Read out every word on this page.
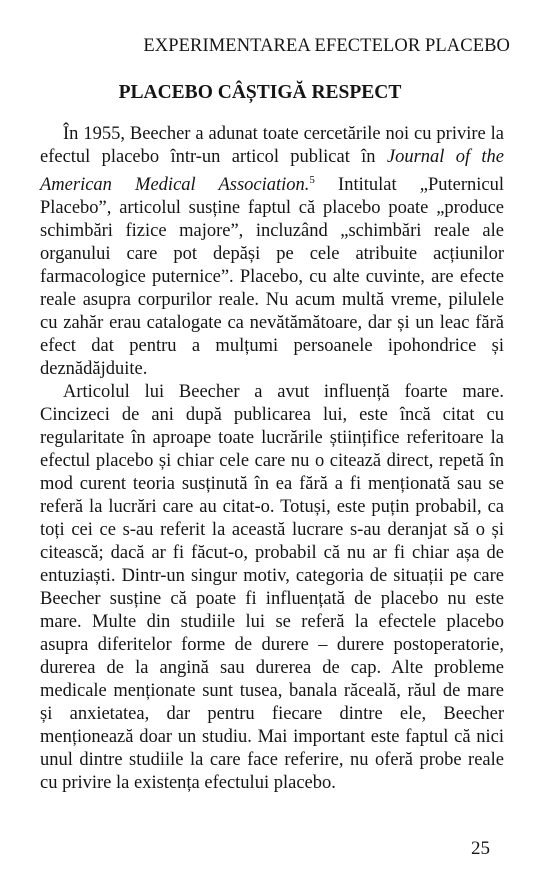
EXPERIMENTAREA EFECTELOR PLACEBO
PLACEBO CÂȘTIGĂ RESPECT

În 1955, Beecher a adunat toate cercetările noi cu privire la efectul placebo într-un articol publicat în Journal of the American Medical Association.$^5$ Intitulat „Puternicul Placebo”, articolul susține faptul că placebo poate „produce schimbări fizice majore”, incluzând „schimbări reale ale organului care pot depăși pe cele atribuite acțiunilor farmacologice puternice”. Placebo, cu alte cuvinte, are efecte reale asupra corpurilor reale. Nu acum multă vreme, pilulele cu zahăr erau catalogate ca nevătămătoare, dar și un leac fără efect dat pentru a mulțumi persoanele ipohondrice și deznădăjduite.

Articolul lui Beecher a avut influență foarte mare. Cincizeci de ani după publicarea lui, este încă citat cu regularitate în aproape toate lucrările științifice referitoare la efectul placebo și chiar cele care nu o citează direct, repetă în mod curent teoria susținută în ea fără a fi menționată sau se referă la lucrări care au citat-o. Totuși, este puțin probabil, ca toți cei ce s-au referit la această lucrare s-au deranjat să o și citească; dacă ar fi făcut-o, probabil că nu ar fi chiar așa de entuziaști. Dintr-un singur motiv, categoria de situații pe care Beecher susține că poate fi influențată de placebo nu este mare. Multe din studiile lui se referă la efectele placebo asupra diferitelor forme de durere – durere postoperatorie, durerea de la angină sau durerea de cap. Alte probleme medicale menționate sunt tusea, banala răceală, răul de mare și anxietatea, dar pentru fiecare dintre ele, Beecher menționează doar un studiu. Mai important este faptul că nici unul dintre studiile la care face referire, nu oferă probe reale cu privire la existența efectului placebo.

25
